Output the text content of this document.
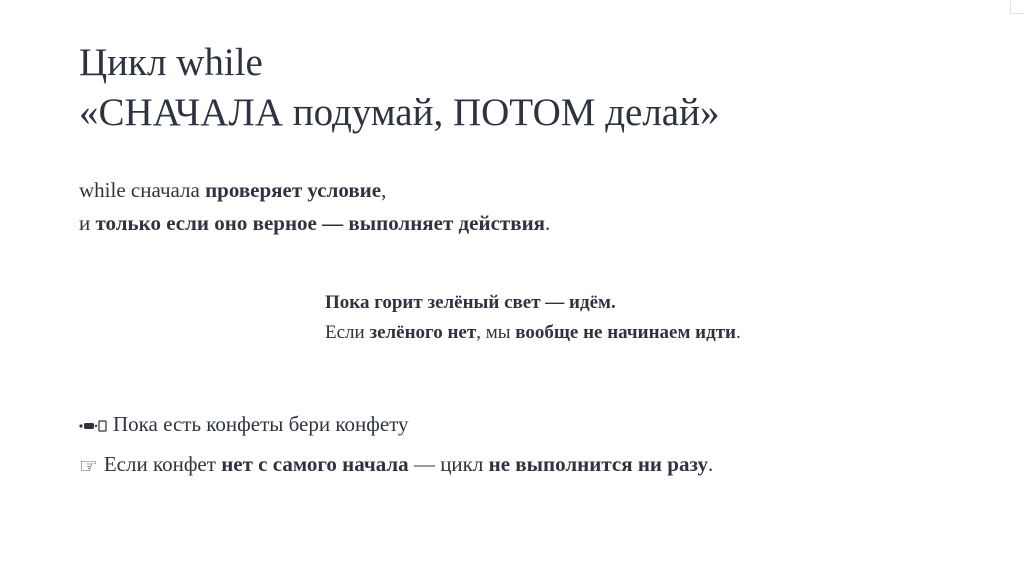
Цикл while
«СНАЧАЛА подумай, ПОТОМ делай»
while сначала проверяет условие,
и только если оно верное — выполняет действия.
Пока горит зелёный свет — идём.
Если зелёного нет, мы вообще не начинаем идти.
Пока есть конфеты бери конфету
☞ Если конфет нет с самого начала — цикл не выполнится ни разу.
